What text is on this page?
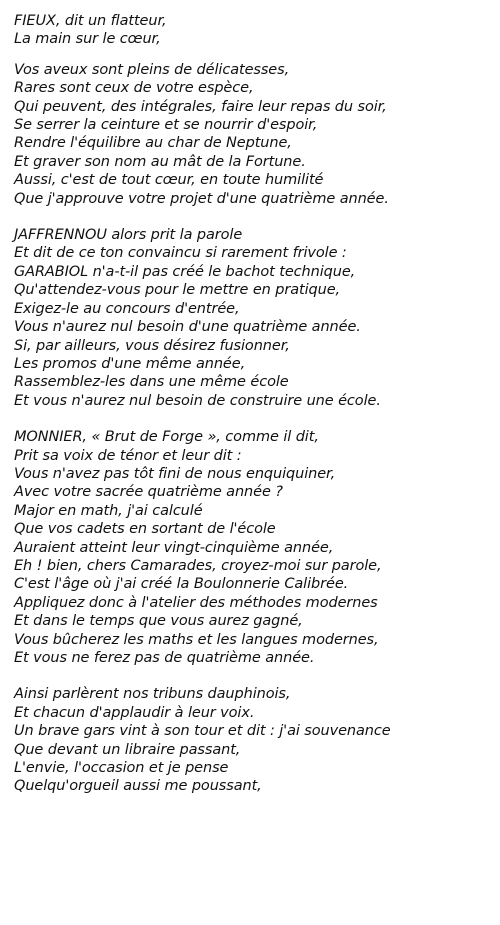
FIEUX, dit un flatteur,
La main sur le cœur,
Vos aveux sont pleins de délicatesses,
Rares sont ceux de votre espèce,
Qui peuvent, des intégrales, faire leur repas du soir,
Se serrer la ceinture et se nourrir d'espoir,
Rendre l'équilibre au char de Neptune,
Et graver son nom au mât de la Fortune.
Aussi, c'est de tout cœur, en toute humilité
Que j'approuve votre projet d'une quatrième année.
JAFFRENNOU alors prit la parole
Et dit de ce ton convaincu si rarement frivole :
GARABIOL n'a-t-il pas créé le bachot technique,
Qu'attendez-vous pour le mettre en pratique,
Exigez-le au concours d'entrée,
Vous n'aurez nul besoin d'une quatrième année.
Si, par ailleurs, vous désirez fusionner,
Les promos d'une même année,
Rassemblez-les dans une même école
Et vous n'aurez nul besoin de construire une école.
MONNIER, « Brut de Forge », comme il dit,
Prit sa voix de ténor et leur dit :
Vous n'avez pas tôt fini de nous enquiquiner,
Avec votre sacrée quatrième année ?
Major en math, j'ai calculé
Que vos cadets en sortant de l'école
Auraient atteint leur vingt-cinquième année,
Eh ! bien, chers Camarades, croyez-moi sur parole,
C'est l'âge où j'ai créé la Boulonnerie Calibrée.
Appliquez donc à l'atelier des méthodes modernes
Et dans le temps que vous aurez gagné,
Vous bûcherez les maths et les langues modernes,
Et vous ne ferez pas de quatrième année.
Ainsi parlèrent nos tribuns dauphinois,
Et chacun d'applaudir à leur voix.
Un brave gars vint à son tour et dit : j'ai souvenance
Que devant un libraire passant,
L'envie, l'occasion et je pense
Quelqu'orgueil aussi me poussant,
